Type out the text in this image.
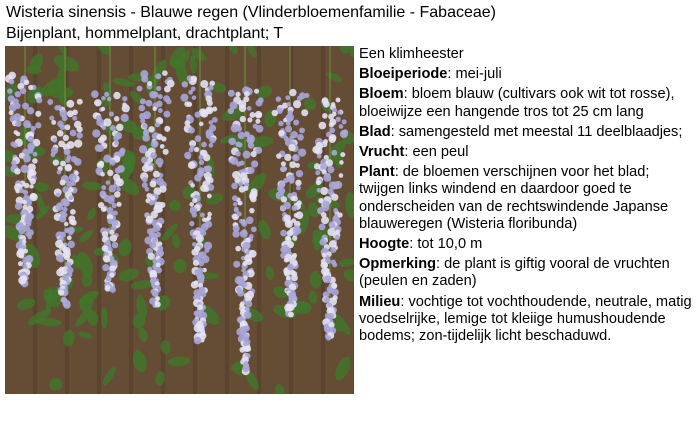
Wisteria sinensis - Blauwe regen (Vlinderbloemenfamilie - Fabaceae)
Bijenplant, hommelplant, drachtplant; T

Een klimheester

Bloeiperiode: mei-juli

Bloem: bloem blauw (cultivars ook wit tot rosse), bloeiwijze een hangende tros tot 25 cm lang

Blad: samengesteld met meestal 11 deelblaadjes;

Vrucht: een peul

Plant: de bloemen verschijnen voor het blad; twijgen links windend en daardoor goed te onderscheiden van de rechtswindende Japanse blauweregen (Wisteria floribunda)

Hoogte: tot 10,0 m

Opmerking: de plant is giftig vooral de vruchten (peulen en zaden)

Milieu: vochtige tot vochthoudende, neutrale, matig voedselrijke, lemige tot kleiige humushoudende bodems; zon-tijdelijk licht beschaduwd.
